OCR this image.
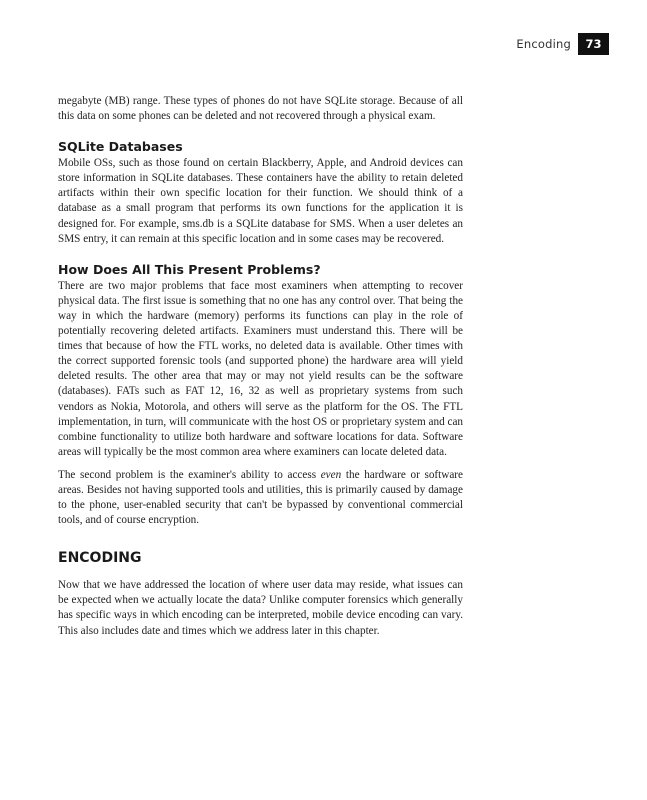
Encoding	73

megabyte (MB) range. These types of phones do not have SQLite storage. Because of all this data on some phones can be deleted and not recovered through a physical exam.

SQLite Databases

Mobile OSs, such as those found on certain Blackberry, Apple, and Android devices can store information in SQLite databases. These containers have the ability to retain deleted artifacts within their own specific location for their function. We should think of a database as a small program that performs its own functions for the application it is designed for. For example, sms.db is a SQLite database for SMS. When a user deletes an SMS entry, it can remain at this specific location and in some cases may be recovered.

How Does All This Present Problems?

There are two major problems that face most examiners when attempting to recover physical data. The first issue is something that no one has any control over. That being the way in which the hardware (memory) performs its functions can play in the role of potentially recovering deleted artifacts. Examiners must understand this. There will be times that because of how the FTL works, no deleted data is available. Other times with the correct supported forensic tools (and supported phone) the hardware area will yield deleted results. The other area that may or may not yield results can be the software (databases). FATs such as FAT 12, 16, 32 as well as proprietary systems from such vendors as Nokia, Motorola, and others will serve as the platform for the OS. The FTL implementation, in turn, will communicate with the host OS or proprietary system and can combine functionality to utilize both hardware and software locations for data. Software areas will typically be the most common area where examiners can locate deleted data.

The second problem is the examiner's ability to access even the hardware or software areas. Besides not having supported tools and utilities, this is primarily caused by damage to the phone, user-enabled security that can't be bypassed by conventional commercial tools, and of course encryption.

ENCODING

Now that we have addressed the location of where user data may reside, what issues can be expected when we actually locate the data? Unlike computer forensics which generally has specific ways in which encoding can be interpreted, mobile device encoding can vary. This also includes date and times which we address later in this chapter.
